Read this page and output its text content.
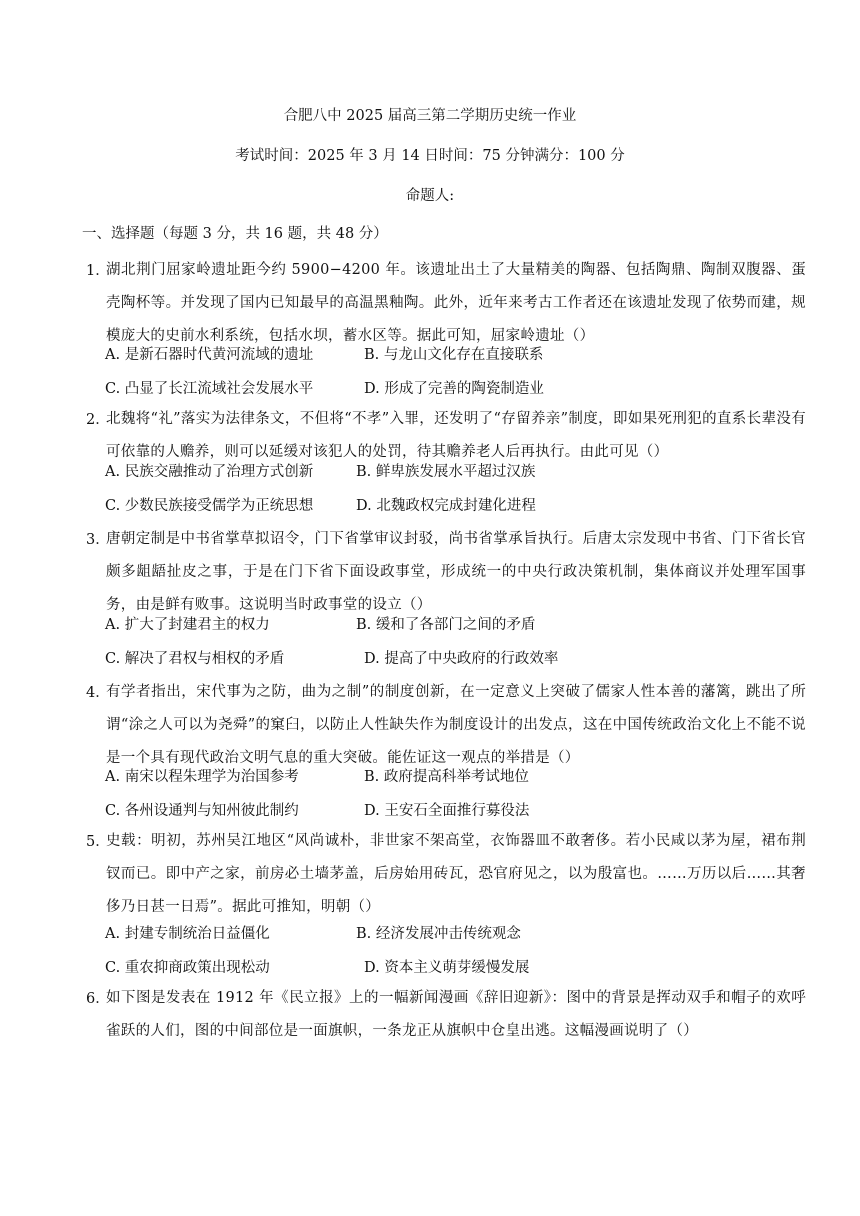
合肥八中 2025 届高三第二学期历史统一作业
考试时间：2025 年 3 月 14 日时间：75 分钟满分：100 分
命题人:
一、选择题（每题 3 分，共 16 题，共 48 分）
1．
湖北荆门屈家岭遗址距今约 5900−4200 年。该遗址出土了大量精美的陶器、包括陶鼎、陶制双腹器、蛋壳陶杯等。并发现了国内已知最早的高温黑釉陶。此外，近年来考古工作者还在该遗址发现了依势而建，规模庞大的史前水利系统，包括水坝，蓄水区等。据此可知，屈家岭遗址（）
A. 是新石器时代黄河流域的遗址	B. 与龙山文化存在直接联系
C. 凸显了长江流域社会发展水平	D. 形成了完善的陶瓷制造业
2．
北魏将“礼”落实为法律条文，不但将“不孝”入罪，还发明了“存留养亲”制度，即如果死刑犯的直系长辈没有可依靠的人赡养，则可以延缓对该犯人的处罚，待其赡养老人后再执行。由此可见（）
A. 民族交融推动了治理方式创新	B. 鲜卑族发展水平超过汉族
C. 少数民族接受儒学为正统思想	D. 北魏政权完成封建化进程
3．
唐朝定制是中书省掌草拟诏令，门下省掌审议封驳，尚书省掌承旨执行。后唐太宗发现中书省、门下省长官颇多龃龉扯皮之事，于是在门下省下面设政事堂，形成统一的中央行政决策机制，集体商议并处理军国事务，由是鲜有败事。这说明当时政事堂的设立（）
A. 扩大了封建君主的权力	B. 缓和了各部门之间的矛盾
C. 解决了君权与相权的矛盾	D. 提高了中央政府的行政效率
4．
有学者指出，宋代事为之防，曲为之制”的制度创新，在一定意义上突破了儒家人性本善的藩篱，跳出了所谓“涂之人可以为尧舜”的窠臼，以防止人性缺失作为制度设计的出发点，这在中国传统政治文化上不能不说是一个具有现代政治文明气息的重大突破。能佐证这一观点的举措是（）
A. 南宋以程朱理学为治国参考	B. 政府提高科举考试地位
C. 各州设通判与知州彼此制约	D. 王安石全面推行募役法
5．
史载：明初，苏州吴江地区“风尚诚朴，非世家不架高堂，衣饰器皿不敢奢侈。若小民咸以茅为屋，裙布荆钗而已。即中产之家，前房必土墙茅盖，后房始用砖瓦，恐官府见之，以为殷富也。……万历以后……其奢侈乃日甚一日焉”。据此可推知，明朝（）
A. 封建专制统治日益僵化	B. 经济发展冲击传统观念
C. 重农抑商政策出现松动	D. 资本主义萌芽缓慢发展
6．
如下图是发表在 1912 年《民立报》上的一幅新闻漫画《辞旧迎新》：图中的背景是挥动双手和帽子的欢呼雀跃的人们，图的中间部位是一面旗帜，一条龙正从旗帜中仓皇出逃。这幅漫画说明了（）
